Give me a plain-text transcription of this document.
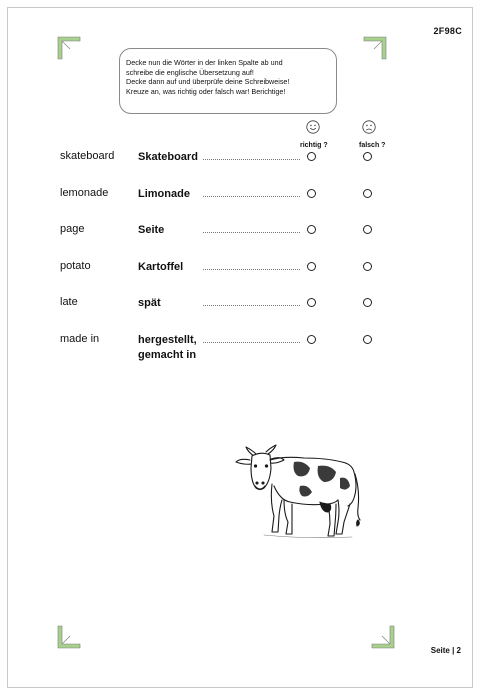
2F98C
Decke nun die Wörter in der linken Spalte ab und
schreibe die englische Übersetzung auf!
Decke dann auf und überprüfe deine Schreibweise!
Kreuze an, was richtig oder falsch war! Berichtige!
richtig ?	falsch ?
skateboard Skateboard
lemonade	Limonade
page	Seite
potato	Kartoffel
late	spät
made in	hergestellt,
gemacht in
Seite | 2
